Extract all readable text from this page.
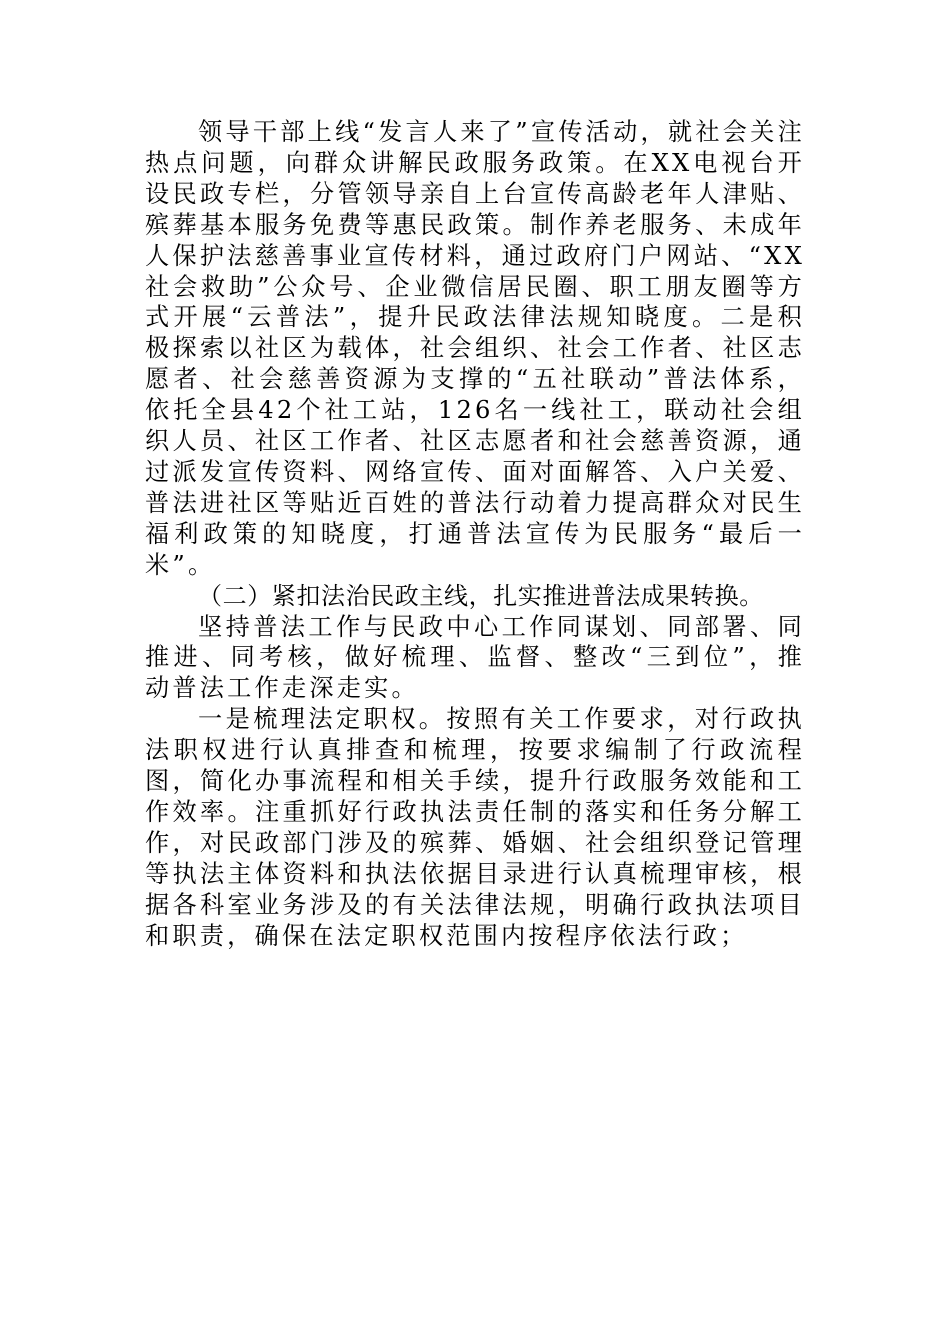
领导干部上线“发言人来了”宣传活动，就社会关注热点问题，向群众讲解民政服务政策。在XX电视台开设民政专栏，分管领导亲自上台宣传高龄老年人津贴、殡葬基本服务免费等惠民政策。制作养老服务、未成年人保护法慈善事业宣传材料，通过政府门户网站、“XX社会救助”公众号、企业微信居民圈、职工朋友圈等方式开展“云普法”，提升民政法律法规知晓度。二是积极探索以社区为载体，社会组织、社会工作者、社区志愿者、社会慈善资源为支撑的“五社联动”普法体系，依托全县42个社工站，126名一线社工，联动社会组织人员、社区工作者、社区志愿者和社会慈善资源，通过派发宣传资料、网络宣传、面对面解答、入户关爱、普法进社区等贴近百姓的普法行动着力提高群众对民生福利政策的知晓度，打通普法宣传为民服务“最后一米”。

（二）紧扣法治民政主线，扎实推进普法成果转换。

坚持普法工作与民政中心工作同谋划、同部署、同推进、同考核，做好梳理、监督、整改“三到位”，推动普法工作走深走实。

一是梳理法定职权。按照有关工作要求，对行政执法职权进行认真排查和梳理，按要求编制了行政流程图，简化办事流程和相关手续，提升行政服务效能和工作效率。注重抓好行政执法责任制的落实和任务分解工作，对民政部门涉及的殡葬、婚姻、社会组织登记管理等执法主体资料和执法依据目录进行认真梳理审核，根据各科室业务涉及的有关法律法规，明确行政执法项目和职责，确保在法定职权范围内按程序依法行政；
